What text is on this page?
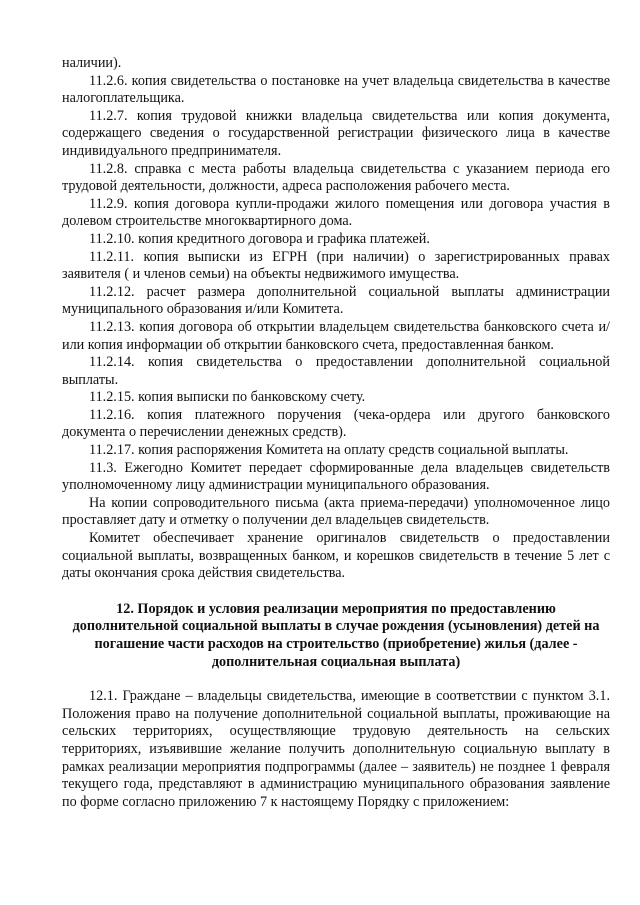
наличии).

11.2.6. копия свидетельства о постановке на учет владельца свидетельства в качестве налогоплательщика.

11.2.7. копия трудовой книжки владельца свидетельства или копия документа, содержащего сведения о государственной регистрации физического лица в качестве индивидуального предпринимателя.

11.2.8. справка с места работы владельца свидетельства с указанием периода его трудовой деятельности, должности, адреса расположения рабочего места.

11.2.9. копия договора купли-продажи жилого помещения или договора участия в долевом строительстве многоквартирного дома.

11.2.10. копия кредитного договора и графика платежей.

11.2.11. копия выписки из ЕГРН (при наличии) о зарегистрированных правах заявителя ( и членов семьи) на объекты недвижимого имущества.

11.2.12. расчет размера дополнительной социальной выплаты администрации муниципального образования и/или Комитета.

11.2.13. копия договора об открытии владельцем свидетельства банковского счета и/или копия информации об открытии банковского счета, предоставленная банком.

11.2.14. копия свидетельства о предоставлении дополнительной социальной выплаты.

11.2.15. копия выписки по банковскому счету.

11.2.16. копия платежного поручения (чека-ордера или другого банковского документа о перечислении денежных средств).

11.2.17. копия распоряжения Комитета на оплату средств социальной выплаты.

11.3. Ежегодно Комитет передает сформированные дела владельцев свидетельств уполномоченному лицу администрации муниципального образования.

На копии сопроводительного письма (акта приема-передачи) уполномоченное лицо проставляет дату и отметку о получении дел владельцев свидетельств.

Комитет обеспечивает хранение оригиналов свидетельств о предоставлении социальной выплаты, возвращенных банком, и корешков свидетельств в течение 5 лет с даты окончания срока действия свидетельства.

12. Порядок и условия реализации мероприятия по предоставлению дополнительной социальной выплаты в случае рождения (усыновления) детей на погашение части расходов на строительство (приобретение) жилья (далее - дополнительная социальная выплата)

12.1. Граждане – владельцы свидетельства, имеющие в соответствии с пунктом 3.1. Положения право на получение дополнительной социальной выплаты, проживающие на сельских территориях, осуществляющие трудовую деятельность на сельских территориях, изъявившие желание получить дополнительную социальную выплату в рамках реализации мероприятия подпрограммы (далее – заявитель) не позднее 1 февраля текущего года, представляют в администрацию муниципального образования заявление по форме согласно приложению 7 к настоящему Порядку с приложением:
